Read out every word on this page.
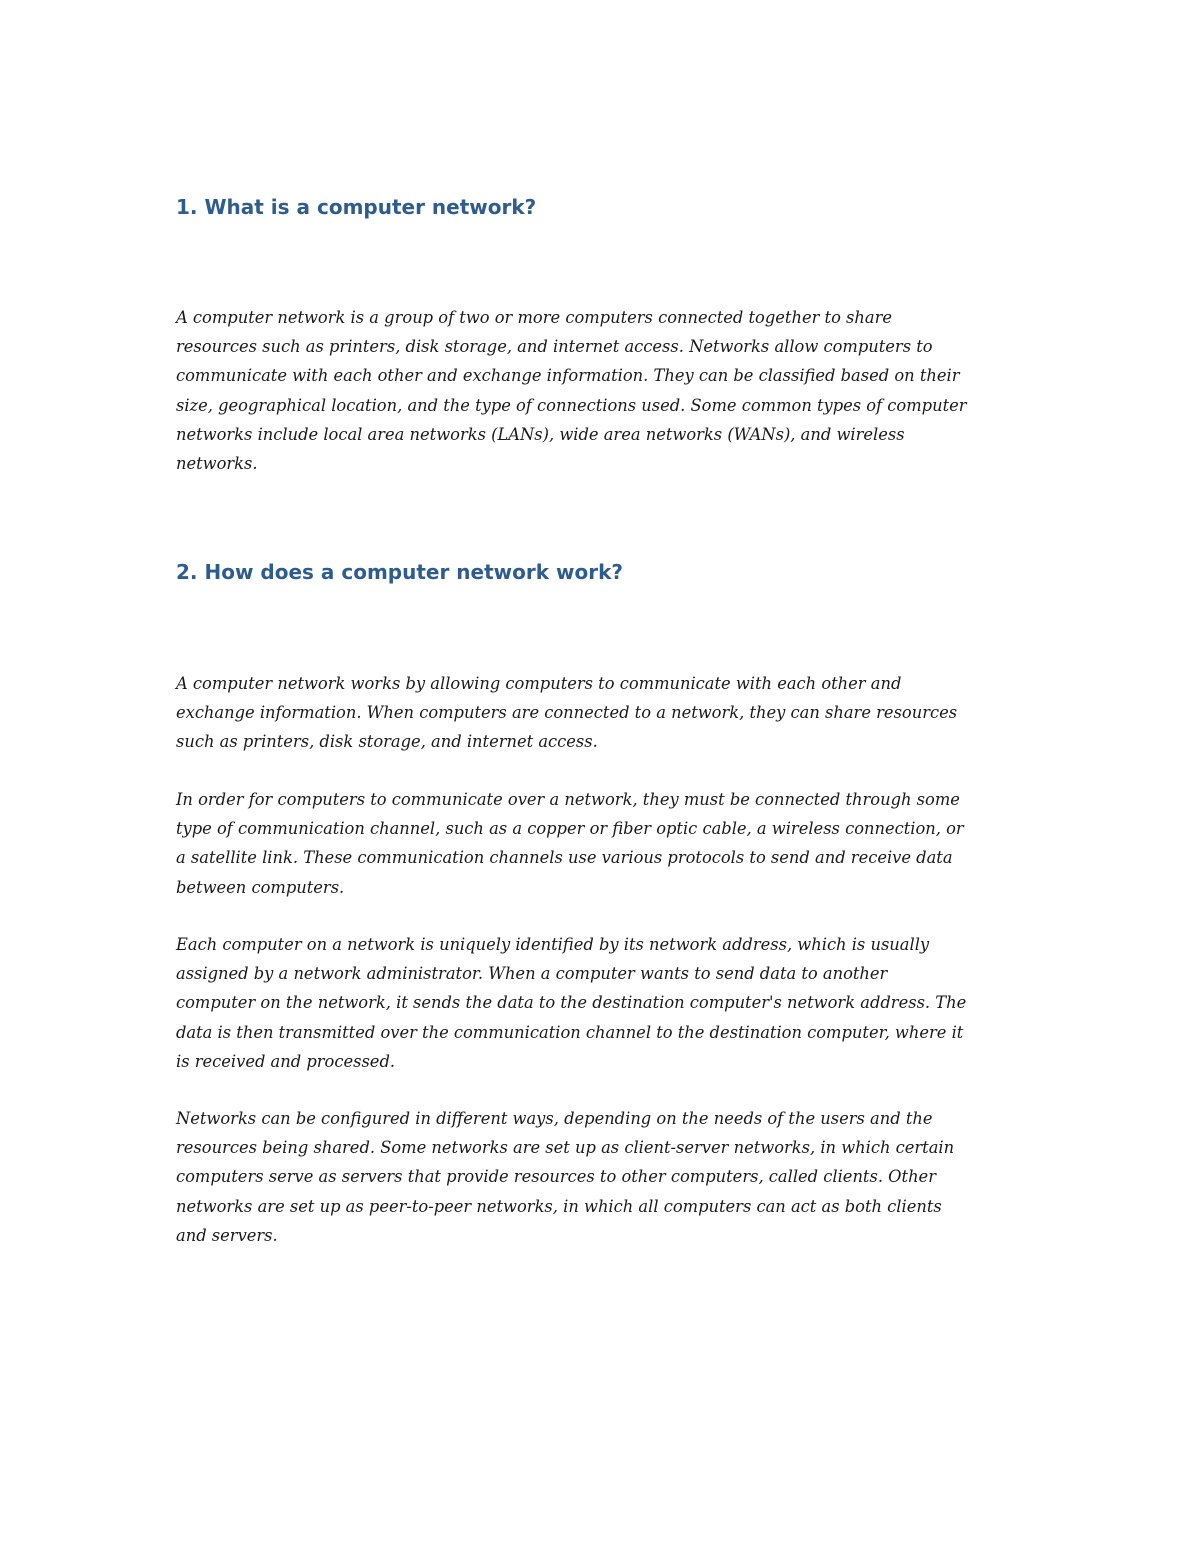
1. What is a computer network?

A computer network is a group of two or more computers connected together to share
resources such as printers, disk storage, and internet access. Networks allow computers to
communicate with each other and exchange information. They can be classified based on their
size, geographical location, and the type of connections used. Some common types of computer
networks include local area networks (LANs), wide area networks (WANs), and wireless
networks.

2. How does a computer network work?

A computer network works by allowing computers to communicate with each other and
exchange information. When computers are connected to a network, they can share resources
such as printers, disk storage, and internet access.

In order for computers to communicate over a network, they must be connected through some
type of communication channel, such as a copper or fiber optic cable, a wireless connection, or
a satellite link. These communication channels use various protocols to send and receive data
between computers.

Each computer on a network is uniquely identified by its network address, which is usually
assigned by a network administrator. When a computer wants to send data to another
computer on the network, it sends the data to the destination computer's network address. The
data is then transmitted over the communication channel to the destination computer, where it
is received and processed.

Networks can be configured in different ways, depending on the needs of the users and the
resources being shared. Some networks are set up as client-server networks, in which certain
computers serve as servers that provide resources to other computers, called clients. Other
networks are set up as peer-to-peer networks, in which all computers can act as both clients
and servers.
